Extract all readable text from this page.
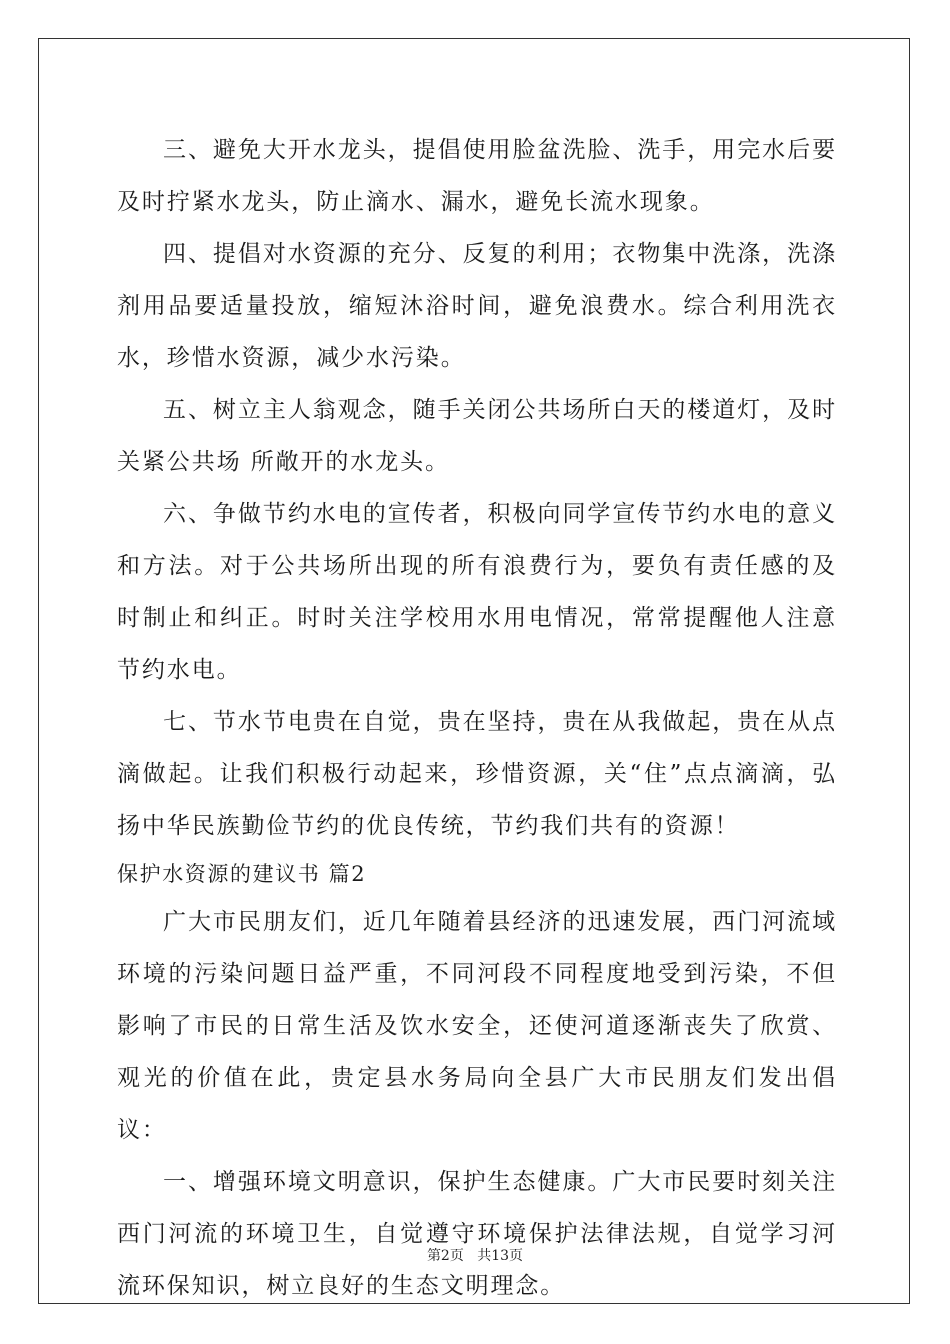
三、避免大开水龙头，提倡使用脸盆洗脸、洗手，用完水后要及时拧紧水龙头，防止滴水、漏水，避免长流水现象。

四、提倡对水资源的充分、反复的利用；衣物集中洗涤，洗涤剂用品要适量投放，缩短沐浴时间，避免浪费水。综合利用洗衣水，珍惜水资源，减少水污染。

五、树立主人翁观念，随手关闭公共场所白天的楼道灯，及时关紧公共场 所敞开的水龙头。

六、争做节约水电的宣传者，积极向同学宣传节约水电的意义和方法。对于公共场所出现的所有浪费行为，要负有责任感的及时制止和纠正。时时关注学校用水用电情况，常常提醒他人注意节约水电。

七、节水节电贵在自觉，贵在坚持，贵在从我做起，贵在从点滴做起。让我们积极行动起来，珍惜资源，关“住”点点滴滴，弘扬中华民族勤俭节约的优良传统，节约我们共有的资源！

保护水资源的建议书 篇2

广大市民朋友们，近几年随着县经济的迅速发展，西门河流域环境的污染问题日益严重，不同河段不同程度地受到污染，不但影响了市民的日常生活及饮水安全，还使河道逐渐丧失了欣赏、观光的价值在此，贵定县水务局向全县广大市民朋友们发出倡议：

一、增强环境文明意识，保护生态健康。广大市民要时刻关注西门河流的环境卫生，自觉遵守环境保护法律法规，自觉学习河流环保知识，树立良好的生态文明理念。

第2页 共13页
